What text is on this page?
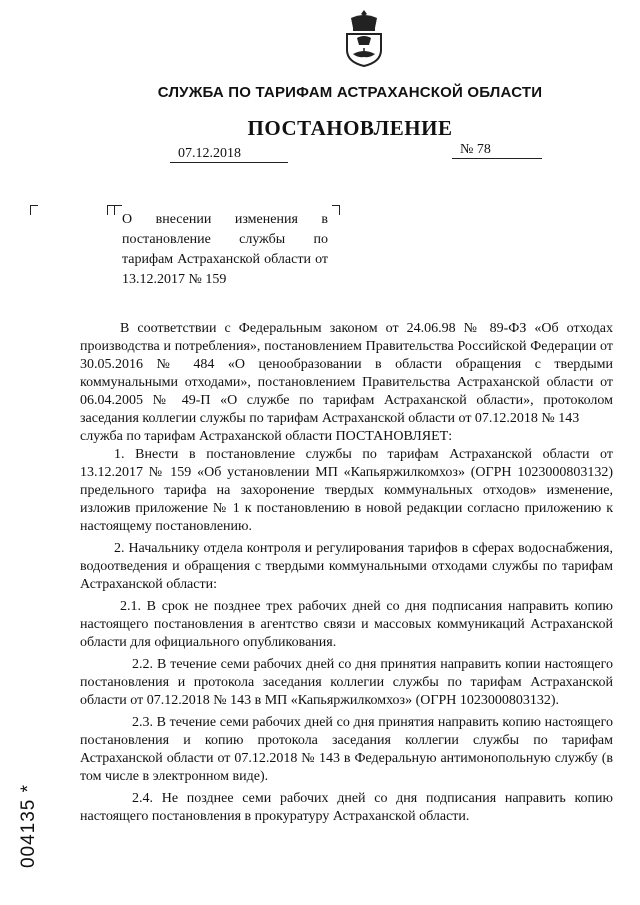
СЛУЖБА ПО ТАРИФАМ АСТРАХАНСКОЙ ОБЛАСТИ
ПОСТАНОВЛЕНИЕ
07.12.2018	№ 78
О внесении изменения в постановление службы по тарифам Астраханской области от 13.12.2017 № 159

В соответствии с Федеральным законом от 24.06.98 № 89-ФЗ «Об отходах производства и потребления», постановлением Правительства Российской Федерации от 30.05.2016 № 484 «О ценообразовании в области обращения с твердыми коммунальными отходами», постановлением Правительства Астраханской области от 06.04.2005 № 49-П «О службе по тарифам Астраханской области», протоколом заседания коллегии службы по тарифам Астраханской области от 07.12.2018 № 143

служба по тарифам Астраханской области ПОСТАНОВЛЯЕТ:

1. Внести в постановление службы по тарифам Астраханской области от 13.12.2017 № 159 «Об установлении МП «Капьяржилкомхоз» (ОГРН 1023000803132) предельного тарифа на захоронение твердых коммунальных отходов» изменение, изложив приложение № 1 к постановлению в новой редакции согласно приложению к настоящему постановлению.

2. Начальнику отдела контроля и регулирования тарифов в сферах водоснабжения, водоотведения и обращения с твердыми коммунальными отходами службы по тарифам Астраханской области:

2.1. В срок не позднее трех рабочих дней со дня подписания направить копию настоящего постановления в агентство связи и массовых коммуникаций Астраханской области для официального опубликования.

2.2. В течение семи рабочих дней со дня принятия направить копии настоящего постановления и протокола заседания коллегии службы по тарифам Астраханской области от 07.12.2018 № 143 в МП «Капьяржилкомхоз» (ОГРН 1023000803132).

2.3. В течение семи рабочих дней со дня принятия направить копию настоящего постановления и копию протокола заседания коллегии службы по тарифам Астраханской области от 07.12.2018 № 143 в Федеральную антимонопольную службу (в том числе в электронном виде).

2.4. Не позднее семи рабочих дней со дня подписания направить копию настоящего постановления в прокуратуру Астраханской области.

004135 *
